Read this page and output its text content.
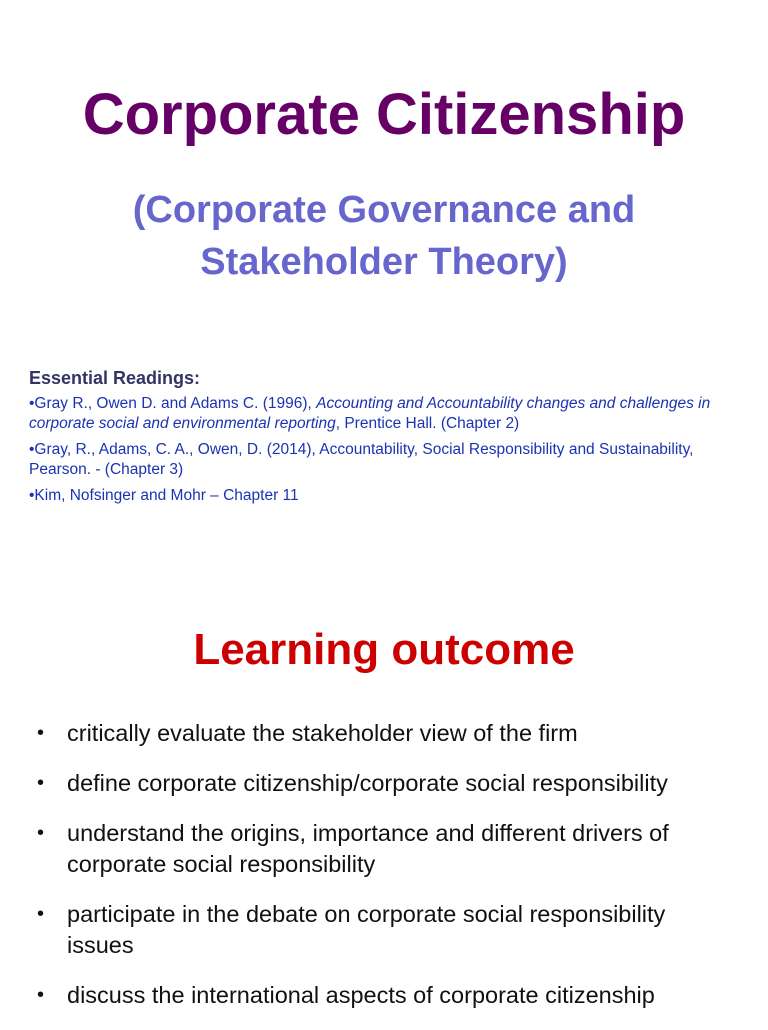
Corporate Citizenship
(Corporate Governance and
Stakeholder Theory)

Essential Readings:

•Gray R., Owen D. and Adams C. (1996), Accounting and Accountability changes and challenges in corporate social and environmental reporting, Prentice Hall. (Chapter 2)

•Gray, R., Adams, C. A., Owen, D. (2014), Accountability, Social Responsibility and Sustainability, Pearson. - (Chapter 3)

•Kim, Nofsinger and Mohr – Chapter 11

Learning outcome
• critically evaluate the stakeholder view of the firm
• define corporate citizenship/corporate social responsibility
• understand the origins, importance and different drivers of corporate social responsibility
• participate in the debate on corporate social responsibility issues
• discuss the international aspects of corporate citizenship
